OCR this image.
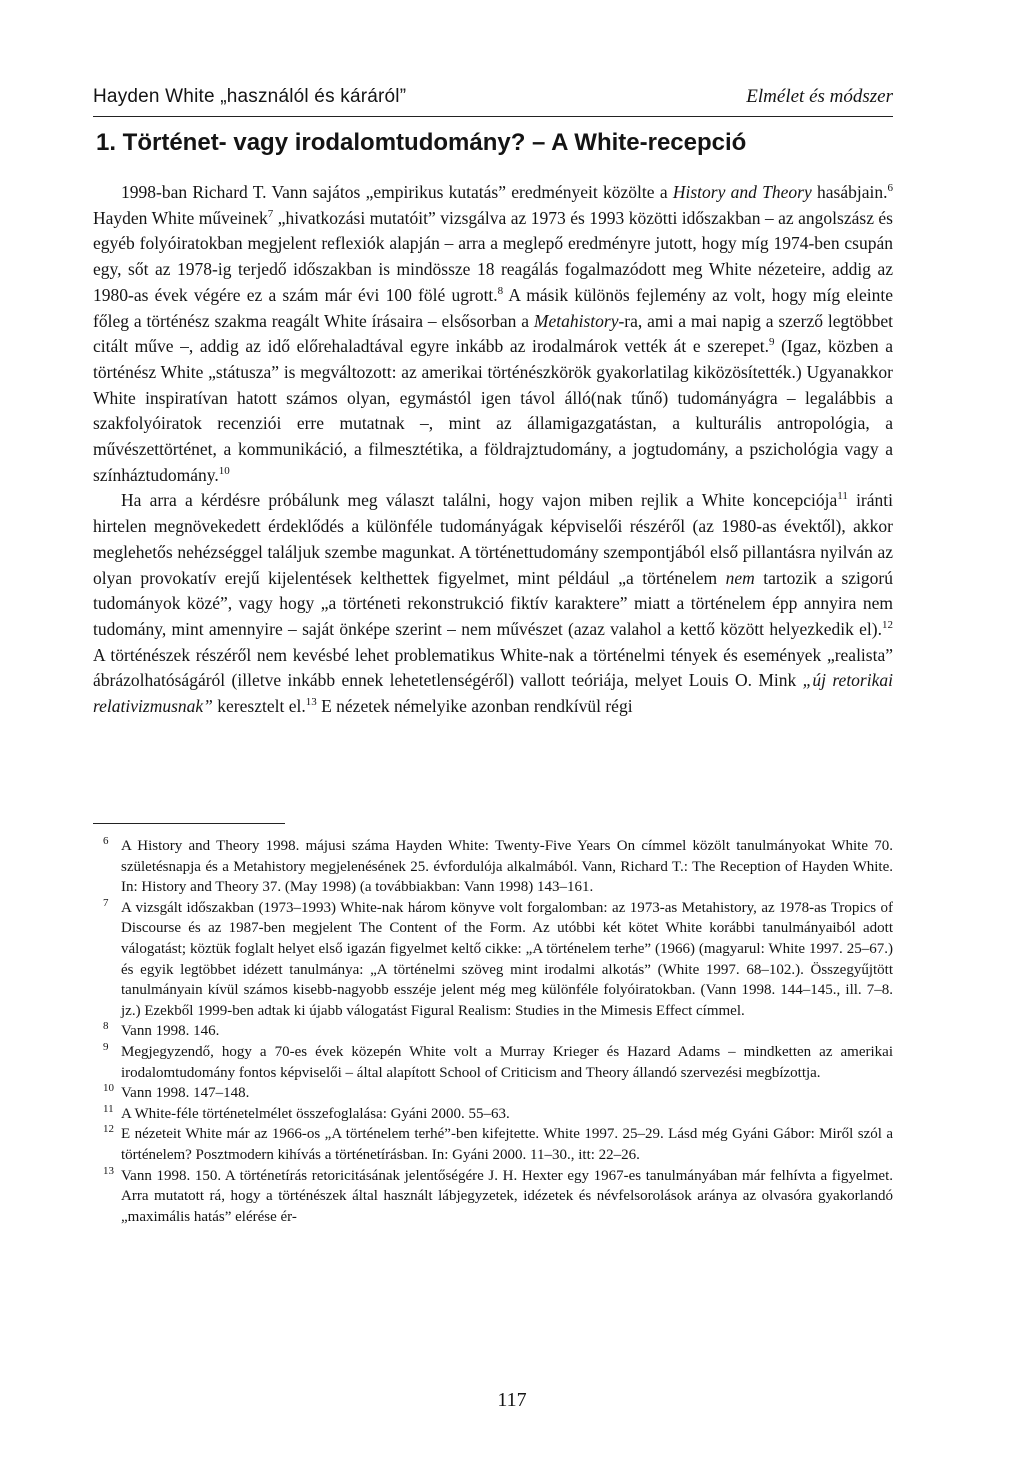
Hayden White „használól és káráról”	Elmélet és módszer
1. Történet- vagy irodalomtudomány? – A White-recepció

1998-ban Richard T. Vann sajátos „empirikus kutatás” eredményeit közölte a History and Theory hasábjain.$^6$ Hayden White műveinek$^7$ „hivatkozási mutatóit” vizsgálva az 1973 és 1993 közötti időszakban – az angolszász és egyéb folyóiratokban megjelent reflexiók alapján – arra a meglepő eredményre jutott, hogy míg 1974-ben csupán egy, sőt az 1978-ig terjedő időszakban is mindössze 18 reagálás fogalmazódott meg White nézeteire, addig az 1980-as évek végére ez a szám már évi 100 fölé ugrott.$^8$ A másik különös fejlemény az volt, hogy míg eleinte főleg a történész szakma reagált White írásaira – elsősorban a Metahistory-ra, ami a mai napig a szerző legtöbbet citált műve –, addig az idő előrehaladtával egyre inkább az irodalmárok vették át e szerepet.$^9$ (Igaz, közben a történész White „státusza” is megváltozott: az amerikai történészkörök gyakorlatilag kiközösítették.) Ugyanakkor White inspiratívan hatott számos olyan, egymástól igen távol álló(nak tűnő) tudományágra – legalábbis a szakfolyóiratok recenziói erre mutatnak –, mint az államigazgatástan, a kulturális antropológia, a művészettörténet, a kommunikáció, a filmesztétika, a földrajztudomány, a jogtudomány, a pszichológia vagy a színháztudomány.$^{10}$

Ha arra a kérdésre próbálunk meg választ találni, hogy vajon miben rejlik a White koncepciója$^{11}$ iránti hirtelen megnövekedett érdeklődés a különféle tudományágak képviselői részéről (az 1980-as évektől), akkor meglehetős nehézséggel találjuk szembe magunkat. A történettudomány szempontjából első pillantásra nyilván az olyan provokatív erejű kijelentések kelthettek figyelmet, mint például „a történelem nem tartozik a szigorú tudományok közé”, vagy hogy „a történeti rekonstrukció fiktív karaktere” miatt a történelem épp annyira nem tudomány, mint amennyire – saját önképe szerint – nem művészet (azaz valahol a kettő között helyezkedik el).$^{12}$ A történészek részéről nem kevésbé lehet problematikus White-nak a történelmi tények és események „realista” ábrázolhatóságáról (illetve inkább ennek lehetetlenségéről) vallott teóriája, melyet Louis O. Mink „új retorikai relativizmusnak” keresztelt el.$^{13}$ E nézetek némelyike azonban rendkívül régi

6 A History and Theory 1998. májusi száma Hayden White: Twenty-Five Years On címmel közölt tanulmányokat White 70. születésnapja és a Metahistory megjelenésének 25. évfordulója alkalmából. Vann, Richard T.: The Reception of Hayden White. In: History and Theory 37. (May 1998) (a továbbiakban: Vann 1998) 143–161.
7 A vizsgált időszakban (1973–1993) White-nak három könyve volt forgalomban: az 1973-as Metahistory, az 1978-as Tropics of Discourse és az 1987-ben megjelent The Content of the Form. Az utóbbi két kötet White korábbi tanulmányaiból adott válogatást; köztük foglalt helyet első igazán figyelmet keltő cikke: „A történelem terhe” (1966) (magyarul: White 1997. 25–67.) és egyik legtöbbet idézett tanulmánya: „A történelmi szöveg mint irodalmi alkotás” (White 1997. 68–102.). Összegyűjtött tanulmányain kívül számos kisebb-nagyobb esszéje jelent még meg különféle folyóiratokban. (Vann 1998. 144–145., ill. 7–8. jz.) Ezekből 1999-ben adtak ki újabb válogatást Figural Realism: Studies in the Mimesis Effect címmel.
8 Vann 1998. 146.
9 Megjegyzendő, hogy a 70-es évek közepén White volt a Murray Krieger és Hazard Adams – mindketten az amerikai irodalomtudomány fontos képviselői – által alapított School of Criticism and Theory állandó szervezési megbízottja.
10 Vann 1998. 147–148.
11 A White-féle történetelmélet összefoglalása: Gyáni 2000. 55–63.
12 E nézeteit White már az 1966-os „A történelem terhé”-ben kifejtette. White 1997. 25–29. Lásd még Gyáni Gábor: Miről szól a történelem? Posztmodern kihívás a történetírásban. In: Gyáni 2000. 11–30., itt: 22–26.
13 Vann 1998. 150. A történetírás retoricitásának jelentőségére J. H. Hexter egy 1967-es tanulmányában már felhívta a figyelmet. Arra mutatott rá, hogy a történészek által használt lábjegyzetek, idézetek és névfelsorolások aránya az olvasóra gyakorlandó „maximális hatás” elérése ér-
117
